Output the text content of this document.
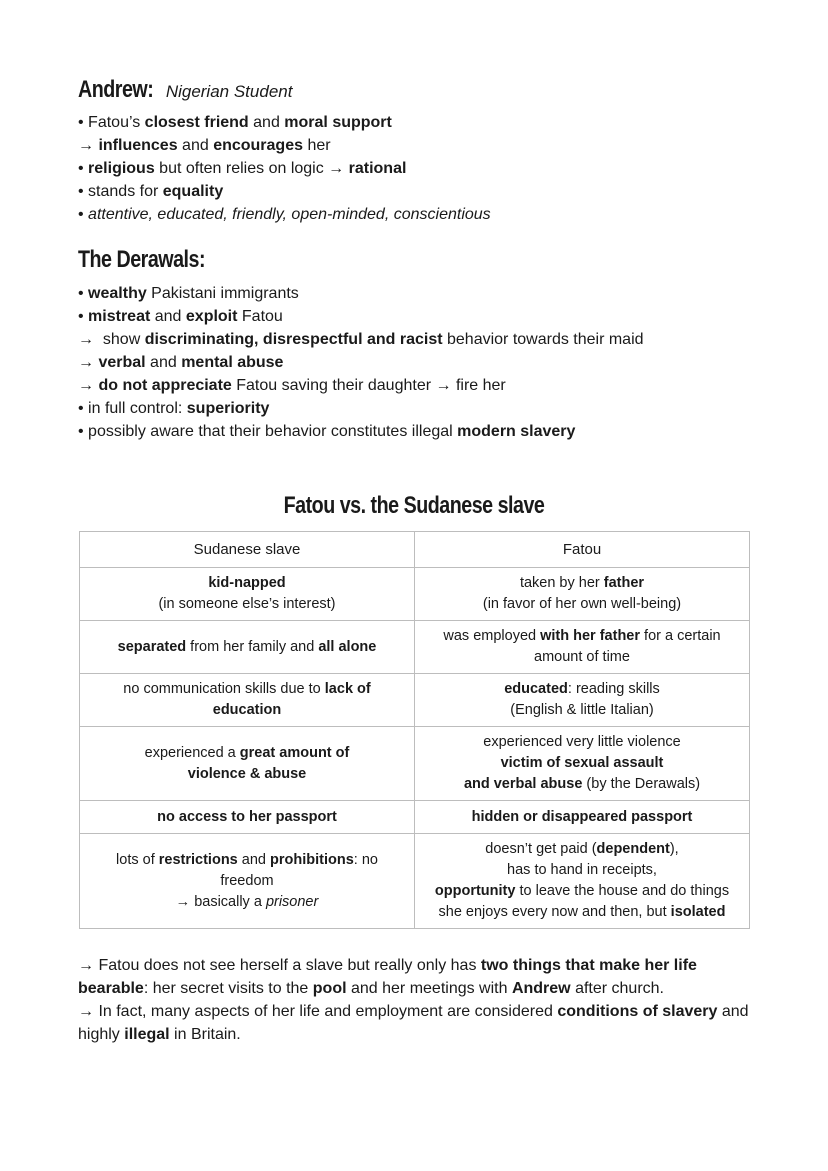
Andrew: Nigerian Student
• Fatou’s closest friend and moral support
→ influences and encourages her
• religious but often relies on logic → rational
• stands for equality
• attentive, educated, friendly, open-minded, conscientious
The Derawals:
• wealthy Pakistani immigrants
• mistreat and exploit Fatou
→  show discriminating, disrespectful and racist behavior towards their maid
→ verbal and mental abuse
→ do not appreciate Fatou saving their daughter → fire her
• in full control: superiority
• possibly aware that their behavior constitutes illegal modern slavery
Fatou vs. the Sudanese slave
Sudanese slave	Fatou
kid-napped
(in someone else’s interest)	taken by her father
(in favor of her own well-being)
separated from her family and all alone	was employed with her father for a certain amount of time
no communication skills due to lack of education	educated: reading skills
(English & little Italian)
experienced a great amount of
violence & abuse	experienced very little violence
victim of sexual assault
and verbal abuse (by the Derawals)
no access to her passport	hidden or disappeared passport
lots of restrictions and prohibitions: no freedom
→ basically a prisoner	doesn’t get paid (dependent),
has to hand in receipts,
opportunity to leave the house and do things she enjoys every now and then, but isolated

→ Fatou does not see herself a slave but really only has two things that make her life bearable: her secret visits to the pool and her meetings with Andrew after church.

→ In fact, many aspects of her life and employment are considered conditions of slavery and highly illegal in Britain.
